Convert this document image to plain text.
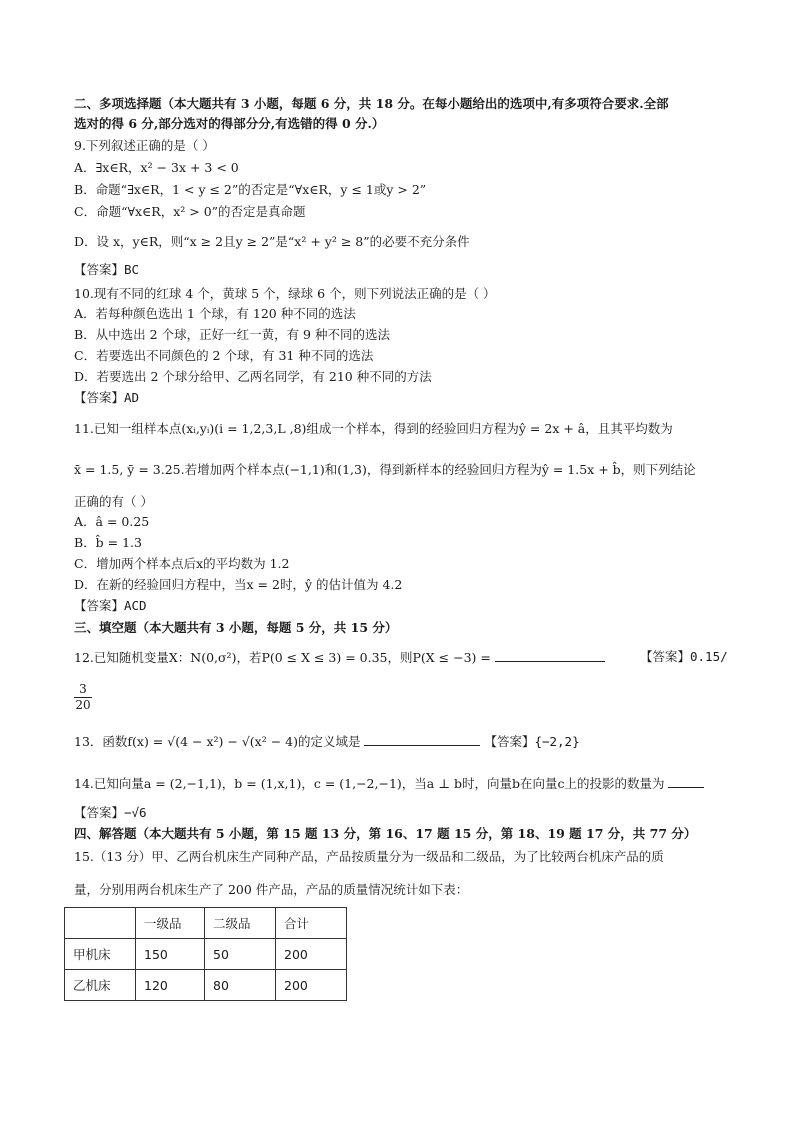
二、多项选择题（本大题共有 3 小题，每题 6 分，共 18 分。在每小题给出的选项中,有多项符合要求.全部
选对的得 6 分,部分选对的得部分分,有选错的得 0 分.）
9.下列叙述正确的是（ ）
A．∃x∈R，x² − 3x + 3 < 0
B．命题“∃x∈R，1 < y ≤ 2”的否定是“∀x∈R，y ≤ 1或y > 2”
C．命题“∀x∈R，x² > 0”的否定是真命题
D．设 x，y∈R，则“x ≥ 2且y ≥ 2”是“x² + y² ≥ 8”的必要不充分条件
【答案】BC
10.现有不同的红球 4 个，黄球 5 个，绿球 6 个，则下列说法正确的是（ ）
A．若每种颜色选出 1 个球，有 120 种不同的选法
B．从中选出 2 个球，正好一红一黄，有 9 种不同的选法
C．若要选出不同颜色的 2 个球，有 31 种不同的选法
D．若要选出 2 个球分给甲、乙两名同学，有 210 种不同的方法
【答案】AD
11.已知一组样本点(xᵢ,yᵢ)(i = 1,2,3,L ,8)组成一个样本，得到的经验回归方程为ŷ = 2x + â，且其平均数为
x̄ = 1.5, ȳ = 3.25.若增加两个样本点(−1,1)和(1,3)，得到新样本的经验回归方程为ŷ = 1.5x + b̂，则下列结论
正确的有（ ）
A．â = 0.25
B．b̂ = 1.3
C．增加两个样本点后x的平均数为 1.2
D．在新的经验回归方程中，当x = 2时，ŷ 的估计值为 4.2
【答案】ACD
三、填空题（本大题共有 3 小题，每题 5 分，共 15 分）
12.已知随机变量X：N(0,σ²)，若P(0 ≤ X ≤ 3) = 0.35，则P(X ≤ −3) =	【答案】0.15/
$\frac{3}{20}$
13．函数f(x) = √(4 − x²) − √(x² − 4)的定义域是	【答案】{−2,2}
14.已知向量a = (2,−1,1)，b = (1,x,1)，c = (1,−2,−1)，当a ⊥ b时，向量b在向量c上的投影的数量为
【答案】−√6
四、解答题（本大题共有 5 小题，第 15 题 13 分，第 16、17 题 15 分，第 18、19 题 17 分，共 77 分）
15.（13 分）甲、乙两台机床生产同种产品，产品按质量分为一级品和二级品，为了比较两台机床产品的质
量，分别用两台机床生产了 200 件产品，产品的质量情况统计如下表：
	一级品	二级品	合计
甲机床	150	50	200
乙机床	120	80	200
